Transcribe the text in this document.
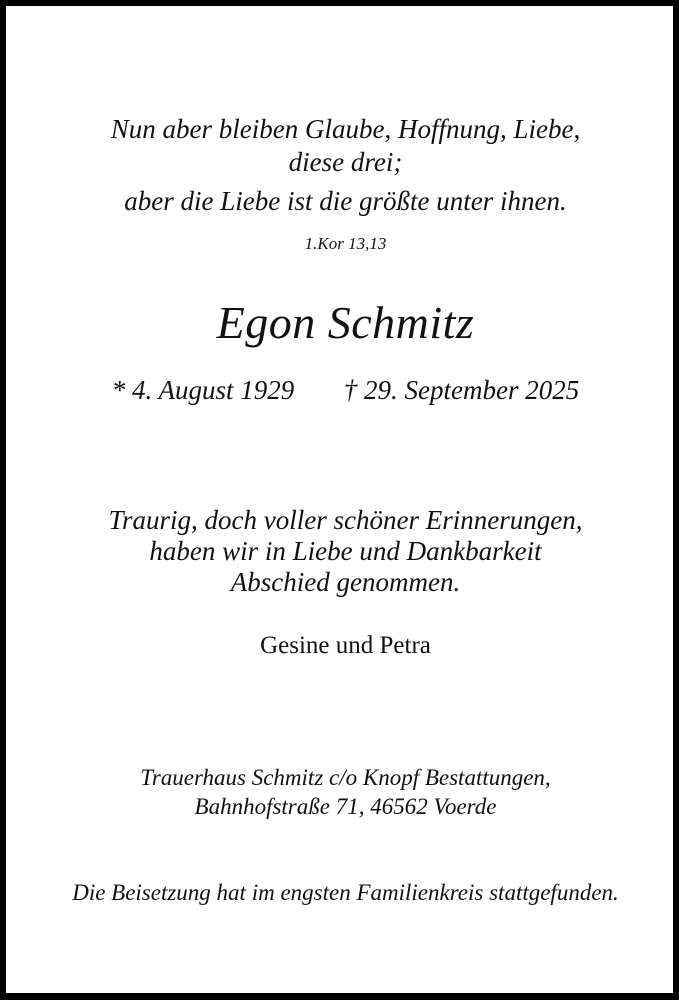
Nun aber bleiben Glaube, Hoffnung, Liebe,
diese drei;
aber die Liebe ist die größte unter ihnen.
1.Kor 13,13
Egon Schmitz
* 4. August 1929 † 29. September 2025
Traurig, doch voller schöner Erinnerungen,
haben wir in Liebe und Dankbarkeit
Abschied genommen.
Gesine und Petra
Trauerhaus Schmitz c/o Knopf Bestattungen,
Bahnhofstraße 71, 46562 Voerde
Die Beisetzung hat im engsten Familienkreis stattgefunden.
